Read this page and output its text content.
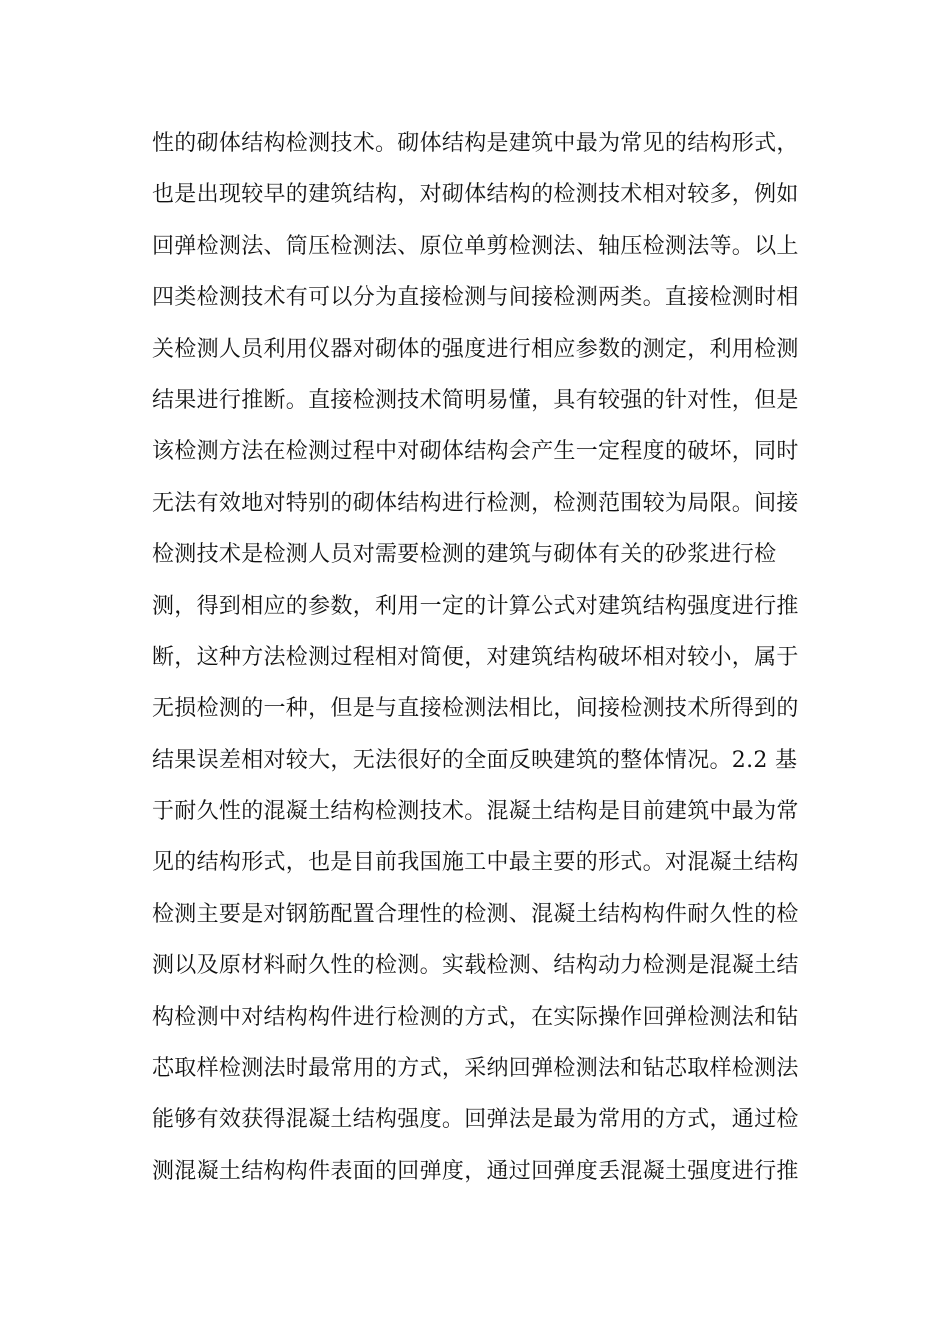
性的砌体结构检测技术。砌体结构是建筑中最为常见的结构形式，
也是出现较早的建筑结构，对砌体结构的检测技术相对较多，例如
回弹检测法、筒压检测法、原位单剪检测法、轴压检测法等。以上
四类检测技术有可以分为直接检测与间接检测两类。直接检测时相
关检测人员利用仪器对砌体的强度进行相应参数的测定，利用检测
结果进行推断。直接检测技术简明易懂，具有较强的针对性，但是
该检测方法在检测过程中对砌体结构会产生一定程度的破坏，同时
无法有效地对特别的砌体结构进行检测，检测范围较为局限。间接
检测技术是检测人员对需要检测的建筑与砌体有关的砂浆进行检
测，得到相应的参数，利用一定的计算公式对建筑结构强度进行推
断，这种方法检测过程相对简便，对建筑结构破坏相对较小，属于
无损检测的一种，但是与直接检测法相比，间接检测技术所得到的
结果误差相对较大，无法很好的全面反映建筑的整体情况。2.2 基
于耐久性的混凝土结构检测技术。混凝土结构是目前建筑中最为常
见的结构形式，也是目前我国施工中最主要的形式。对混凝土结构
检测主要是对钢筋配置合理性的检测、混凝土结构构件耐久性的检
测以及原材料耐久性的检测。实载检测、结构动力检测是混凝土结
构检测中对结构构件进行检测的方式，在实际操作回弹检测法和钻
芯取样检测法时最常用的方式，采纳回弹检测法和钻芯取样检测法
能够有效获得混凝土结构强度。回弹法是最为常用的方式，通过检
测混凝土结构构件表面的回弹度，通过回弹度丢混凝土强度进行推
